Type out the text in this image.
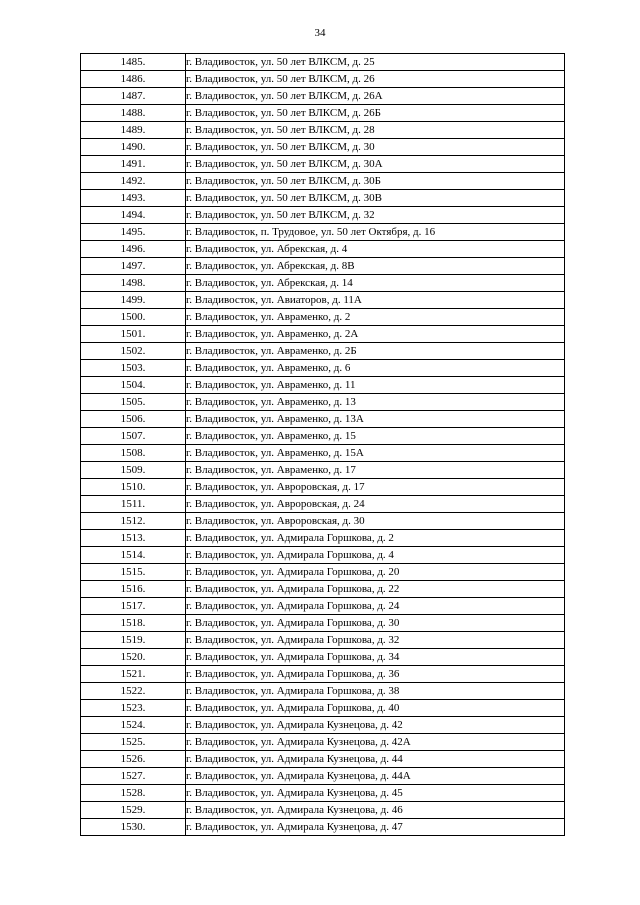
34
1485.	г. Владивосток, ул. 50 лет ВЛКСМ, д. 25
1486.	г. Владивосток, ул. 50 лет ВЛКСМ, д. 26
1487.	г. Владивосток, ул. 50 лет ВЛКСМ, д. 26А
1488.	г. Владивосток, ул. 50 лет ВЛКСМ, д. 26Б
1489.	г. Владивосток, ул. 50 лет ВЛКСМ, д. 28
1490.	г. Владивосток, ул. 50 лет ВЛКСМ, д. 30
1491.	г. Владивосток, ул. 50 лет ВЛКСМ, д. 30А
1492.	г. Владивосток, ул. 50 лет ВЛКСМ, д. 30Б
1493.	г. Владивосток, ул. 50 лет ВЛКСМ, д. 30В
1494.	г. Владивосток, ул. 50 лет ВЛКСМ, д. 32
1495.	г. Владивосток, п. Трудовое, ул. 50 лет Октября, д. 16
1496.	г. Владивосток, ул. Абрекская, д. 4
1497.	г. Владивосток, ул. Абрекская, д. 8В
1498.	г. Владивосток, ул. Абрекская, д. 14
1499.	г. Владивосток, ул. Авиаторов, д. 11А
1500.	г. Владивосток, ул. Авраменко, д. 2
1501.	г. Владивосток, ул. Авраменко, д. 2А
1502.	г. Владивосток, ул. Авраменко, д. 2Б
1503.	г. Владивосток, ул. Авраменко, д. 6
1504.	г. Владивосток, ул. Авраменко, д. 11
1505.	г. Владивосток, ул. Авраменко, д. 13
1506.	г. Владивосток, ул. Авраменко, д. 13А
1507.	г. Владивосток, ул. Авраменко, д. 15
1508.	г. Владивосток, ул. Авраменко, д. 15А
1509.	г. Владивосток, ул. Авраменко, д. 17
1510.	г. Владивосток, ул. Авроровская, д. 17
1511.	г. Владивосток, ул. Авроровская, д. 24
1512.	г. Владивосток, ул. Авроровская, д. 30
1513.	г. Владивосток, ул. Адмирала Горшкова, д. 2
1514.	г. Владивосток, ул. Адмирала Горшкова, д. 4
1515.	г. Владивосток, ул. Адмирала Горшкова, д. 20
1516.	г. Владивосток, ул. Адмирала Горшкова, д. 22
1517.	г. Владивосток, ул. Адмирала Горшкова, д. 24
1518.	г. Владивосток, ул. Адмирала Горшкова, д. 30
1519.	г. Владивосток, ул. Адмирала Горшкова, д. 32
1520.	г. Владивосток, ул. Адмирала Горшкова, д. 34
1521.	г. Владивосток, ул. Адмирала Горшкова, д. 36
1522.	г. Владивосток, ул. Адмирала Горшкова, д. 38
1523.	г. Владивосток, ул. Адмирала Горшкова, д. 40
1524.	г. Владивосток, ул. Адмирала Кузнецова, д. 42
1525.	г. Владивосток, ул. Адмирала Кузнецова, д. 42А
1526.	г. Владивосток, ул. Адмирала Кузнецова, д. 44
1527.	г. Владивосток, ул. Адмирала Кузнецова, д. 44А
1528.	г. Владивосток, ул. Адмирала Кузнецова, д. 45
1529.	г. Владивосток, ул. Адмирала Кузнецова, д. 46
1530.	г. Владивосток, ул. Адмирала Кузнецова, д. 47
